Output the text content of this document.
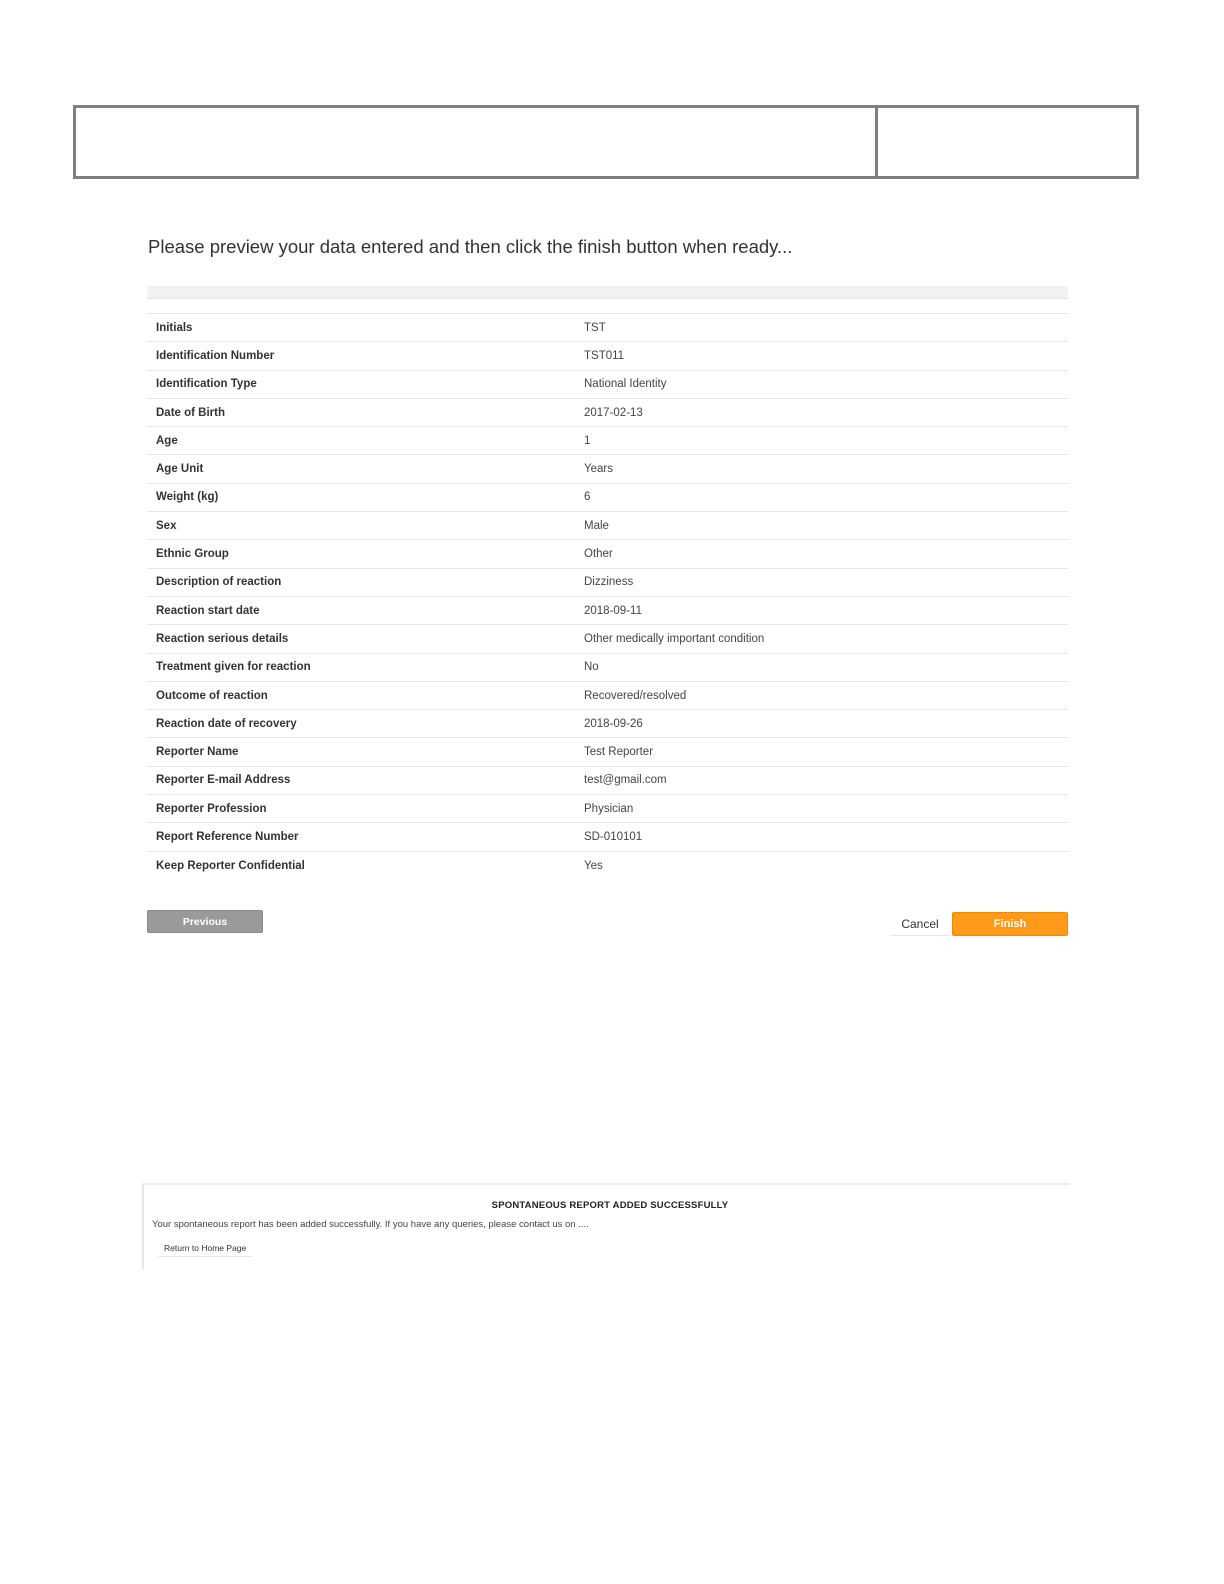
Please preview your data entered and then click the finish button when ready...
Initials	TST
Identification Number	TST011
Identification Type	National Identity
Date of Birth	2017-02-13
Age	1
Age Unit	Years
Weight (kg)	6
Sex	Male
Ethnic Group	Other
Description of reaction	Dizziness
Reaction start date	2018-09-11
Reaction serious details	Other medically important condition
Treatment given for reaction	No
Outcome of reaction	Recovered/resolved
Reaction date of recovery	2018-09-26
Reporter Name	Test Reporter
Reporter E-mail Address	test@gmail.com
Reporter Profession	Physician
Report Reference Number	SD-010101
Keep Reporter Confidential	Yes
Previous	Cancel	Finish
SPONTANEOUS REPORT ADDED SUCCESSFULLY
Your spontaneous report has been added successfully. If you have any queries, please contact us on ....
Return to Home Page
